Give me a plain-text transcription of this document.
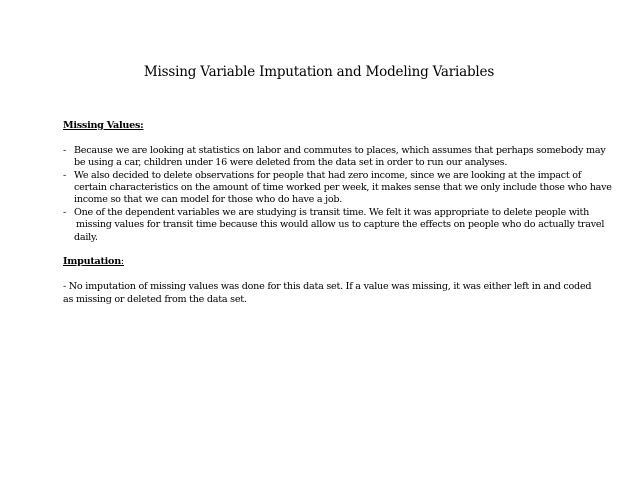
Missing Variable Imputation and Modeling Variables

Missing Values:

- Because we are looking at statistics on labor and commutes to places, which assumes that perhaps somebody may
be using a car, children under 16 were deleted from the data set in order to run our analyses.
- We also decided to delete observations for people that had zero income, since we are looking at the impact of
certain characteristics on the amount of time worked per week, it makes sense that we only include those who have
income so that we can model for those who do have a job.
- One of the dependent variables we are studying is transit time. We felt it was appropriate to delete people with
missing values for transit time because this would allow us to capture the effects on people who do actually travel
daily.

Imputation:

- No imputation of missing values was done for this data set. If a value was missing, it was either left in and coded
as missing or deleted from the data set.
